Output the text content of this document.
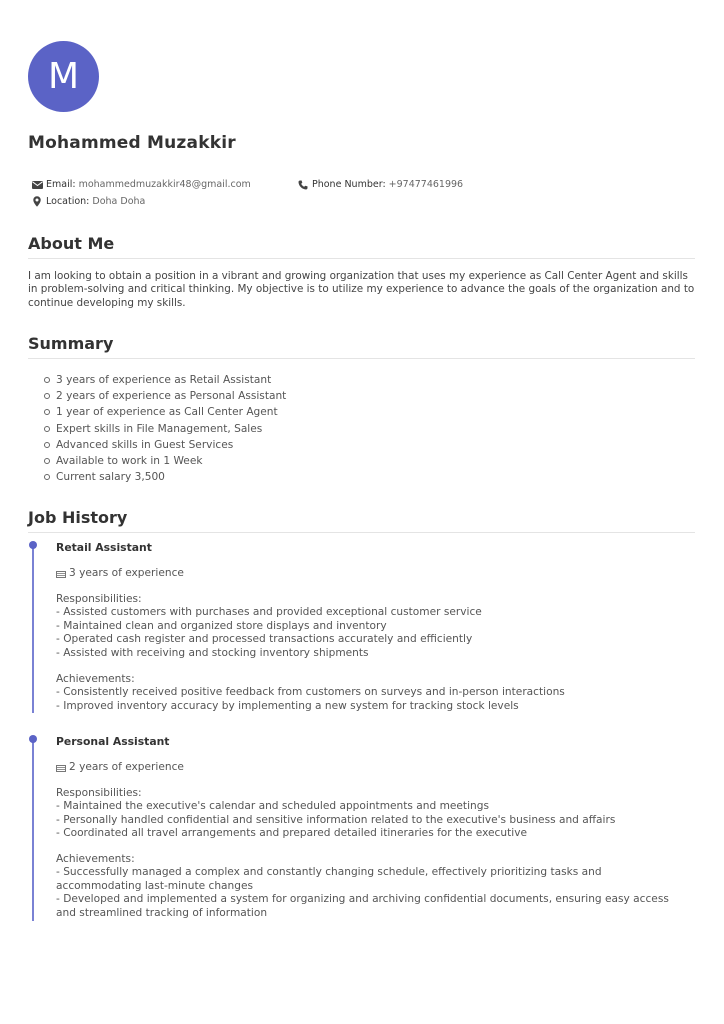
M
Mohammed Muzakkir
Email: mohammedmuzakkir48@gmail.com	Phone Number: +97477461996
Location: Doha Doha
About Me
I am looking to obtain a position in a vibrant and growing organization that uses my experience as Call Center Agent and skills in problem-solving and critical thinking. My objective is to utilize my experience to advance the goals of the organization and to continue developing my skills.
Summary
3 years of experience as Retail Assistant
2 years of experience as Personal Assistant
1 year of experience as Call Center Agent
Expert skills in File Management, Sales
Advanced skills in Guest Services
Available to work in 1 Week
Current salary 3,500
Job History
Retail Assistant
3 years of experience
Responsibilities:
- Assisted customers with purchases and provided exceptional customer service
- Maintained clean and organized store displays and inventory
- Operated cash register and processed transactions accurately and efficiently
- Assisted with receiving and stocking inventory shipments
Achievements:
- Consistently received positive feedback from customers on surveys and in-person interactions
- Improved inventory accuracy by implementing a new system for tracking stock levels
Personal Assistant
2 years of experience
Responsibilities:
- Maintained the executive's calendar and scheduled appointments and meetings
- Personally handled confidential and sensitive information related to the executive's business and affairs
- Coordinated all travel arrangements and prepared detailed itineraries for the executive
Achievements:
- Successfully managed a complex and constantly changing schedule, effectively prioritizing tasks and accommodating last-minute changes
- Developed and implemented a system for organizing and archiving confidential documents, ensuring easy access and streamlined tracking of information
